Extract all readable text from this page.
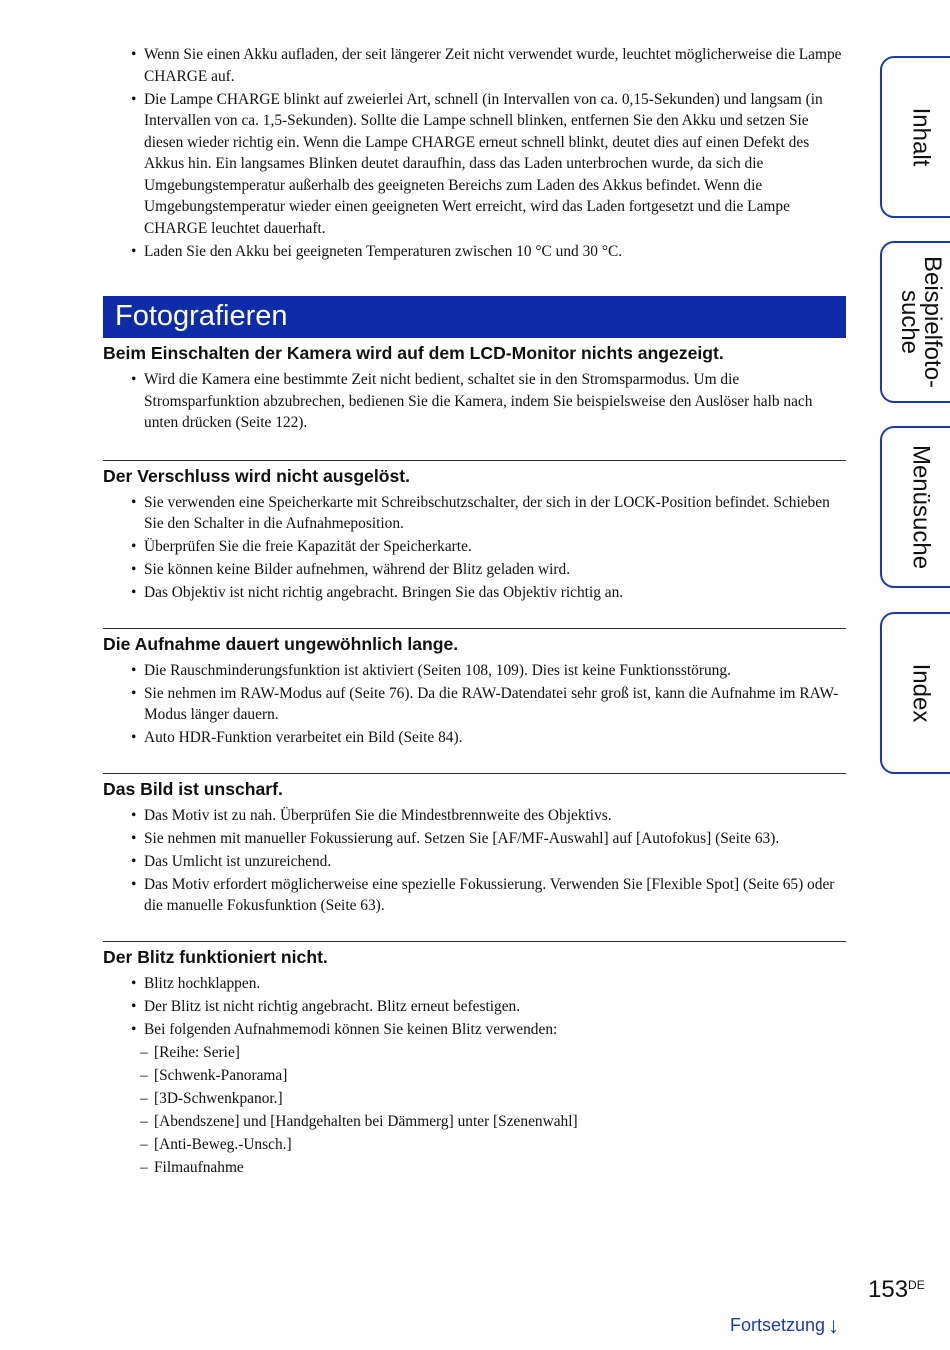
• Wenn Sie einen Akku aufladen, der seit längerer Zeit nicht verwendet wurde, leuchtet möglicherweise die Lampe CHARGE auf.
• Die Lampe CHARGE blinkt auf zweierlei Art, schnell (in Intervallen von ca. 0,15-Sekunden) und langsam (in Intervallen von ca. 1,5-Sekunden). Sollte die Lampe schnell blinken, entfernen Sie den Akku und setzen Sie diesen wieder richtig ein. Wenn die Lampe CHARGE erneut schnell blinkt, deutet dies auf einen Defekt des Akkus hin. Ein langsames Blinken deutet daraufhin, dass das Laden unterbrochen wurde, da sich die Umgebungstemperatur außerhalb des geeigneten Bereichs zum Laden des Akkus befindet. Wenn die Umgebungstemperatur wieder einen geeigneten Wert erreicht, wird das Laden fortgesetzt und die Lampe CHARGE leuchtet dauerhaft.
• Laden Sie den Akku bei geeigneten Temperaturen zwischen 10 °C und 30 °C.
Fotografieren
Beim Einschalten der Kamera wird auf dem LCD-Monitor nichts angezeigt.
• Wird die Kamera eine bestimmte Zeit nicht bedient, schaltet sie in den Stromsparmodus. Um die Stromsparfunktion abzubrechen, bedienen Sie die Kamera, indem Sie beispielsweise den Auslöser halb nach unten drücken (Seite 122).
Der Verschluss wird nicht ausgelöst.
• Sie verwenden eine Speicherkarte mit Schreibschutzschalter, der sich in der LOCK-Position befindet. Schieben Sie den Schalter in die Aufnahmeposition.
• Überprüfen Sie die freie Kapazität der Speicherkarte.
• Sie können keine Bilder aufnehmen, während der Blitz geladen wird.
• Das Objektiv ist nicht richtig angebracht. Bringen Sie das Objektiv richtig an.
Die Aufnahme dauert ungewöhnlich lange.
• Die Rauschminderungsfunktion ist aktiviert (Seiten 108, 109). Dies ist keine Funktionsstörung.
• Sie nehmen im RAW-Modus auf (Seite 76). Da die RAW-Datendatei sehr groß ist, kann die Aufnahme im RAW-Modus länger dauern.
• Auto HDR-Funktion verarbeitet ein Bild (Seite 84).
Das Bild ist unscharf.
• Das Motiv ist zu nah. Überprüfen Sie die Mindestbrennweite des Objektivs.
• Sie nehmen mit manueller Fokussierung auf. Setzen Sie [AF/MF-Auswahl] auf [Autofokus] (Seite 63).
• Das Umlicht ist unzureichend.
• Das Motiv erfordert möglicherweise eine spezielle Fokussierung. Verwenden Sie [Flexible Spot] (Seite 65) oder die manuelle Fokusfunktion (Seite 63).
Der Blitz funktioniert nicht.
• Blitz hochklappen.
• Der Blitz ist nicht richtig angebracht. Blitz erneut befestigen.
• Bei folgenden Aufnahmemodi können Sie keinen Blitz verwenden:
– [Reihe: Serie]
– [Schwenk-Panorama]
– [3D-Schwenkpanor.]
– [Abendszene] und [Handgehalten bei Dämmerg] unter [Szenenwahl]
– [Anti-Beweg.-Unsch.]
– Filmaufnahme
Inhalt
Beispielfoto-
suche
Menüsuche
Index
153DE
Fortsetzung ↓
